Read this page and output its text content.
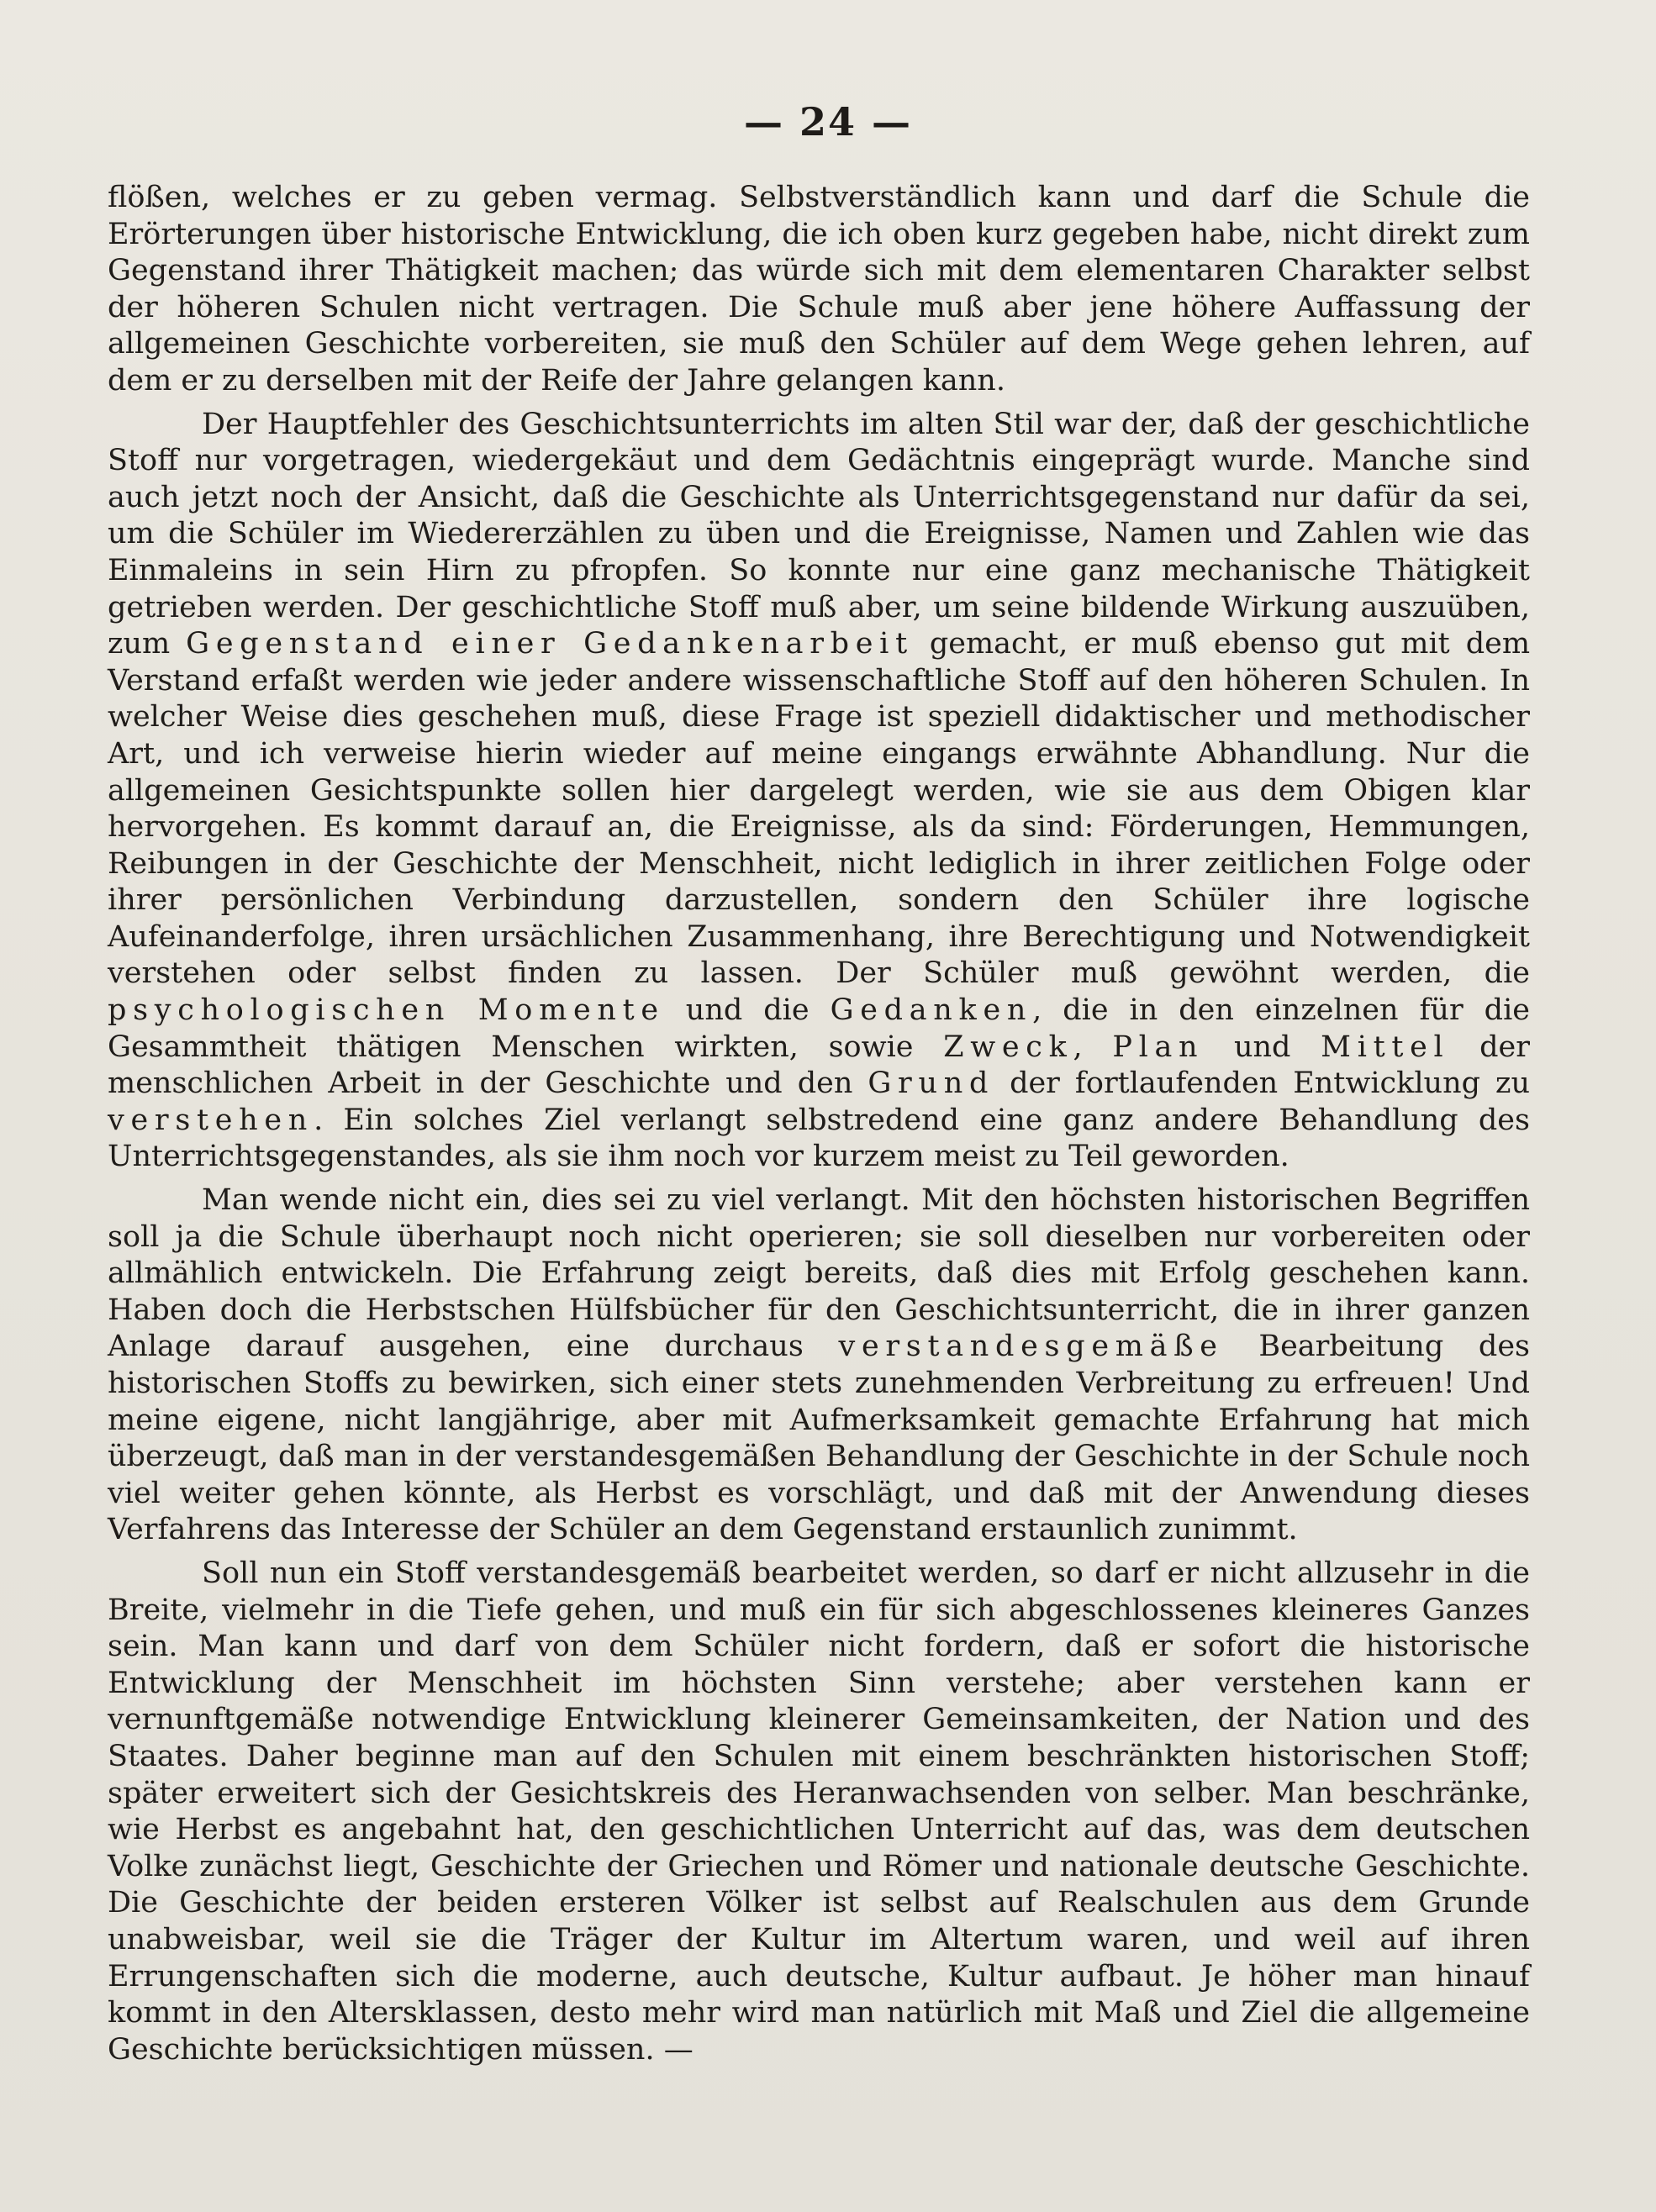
— 24 —

flößen, welches er zu geben vermag. Selbstverständlich kann und darf die Schule die Erörterungen über historische Entwicklung, die ich oben kurz gegeben habe, nicht direkt zum Gegenstand ihrer Thätigkeit machen; das würde sich mit dem elementaren Charakter selbst der höheren Schulen nicht vertragen. Die Schule muß aber jene höhere Auffassung der allgemeinen Geschichte vorbereiten, sie muß den Schüler auf dem Wege gehen lehren, auf dem er zu derselben mit der Reife der Jahre gelangen kann.

Der Hauptfehler des Geschichtsunterrichts im alten Stil war der, daß der geschichtliche Stoff nur vorgetragen, wiedergekäut und dem Gedächtnis eingeprägt wurde. Manche sind auch jetzt noch der Ansicht, daß die Geschichte als Unterrichtsgegenstand nur dafür da sei, um die Schüler im Wiedererzählen zu üben und die Ereignisse, Namen und Zahlen wie das Einmaleins in sein Hirn zu pfropfen. So konnte nur eine ganz mechanische Thätigkeit getrieben werden. Der geschichtliche Stoff muß aber, um seine bildende Wirkung auszuüben, zum Gegenstand einer Gedankenarbeit gemacht, er muß ebenso gut mit dem Verstand erfaßt werden wie jeder andere wissenschaftliche Stoff auf den höheren Schulen. In welcher Weise dies geschehen muß, diese Frage ist speziell didaktischer und methodischer Art, und ich verweise hierin wieder auf meine eingangs erwähnte Abhandlung. Nur die allgemeinen Gesichtspunkte sollen hier dargelegt werden, wie sie aus dem Obigen klar hervorgehen. Es kommt darauf an, die Ereignisse, als da sind: Förderungen, Hemmungen, Reibungen in der Geschichte der Menschheit, nicht lediglich in ihrer zeitlichen Folge oder ihrer persönlichen Verbindung darzustellen, sondern den Schüler ihre logische Aufeinanderfolge, ihren ursächlichen Zusammenhang, ihre Berechtigung und Notwendigkeit verstehen oder selbst finden zu lassen. Der Schüler muß gewöhnt werden, die psychologischen Momente und die Gedanken, die in den einzelnen für die Gesammtheit thätigen Menschen wirkten, sowie Zweck, Plan und Mittel der menschlichen Arbeit in der Geschichte und den Grund der fortlaufenden Entwicklung zu verstehen. Ein solches Ziel verlangt selbstredend eine ganz andere Behandlung des Unterrichtsgegenstandes, als sie ihm noch vor kurzem meist zu Teil geworden.

Man wende nicht ein, dies sei zu viel verlangt. Mit den höchsten historischen Begriffen soll ja die Schule überhaupt noch nicht operieren; sie soll dieselben nur vorbereiten oder allmählich entwickeln. Die Erfahrung zeigt bereits, daß dies mit Erfolg geschehen kann. Haben doch die Herbstschen Hülfsbücher für den Geschichtsunterricht, die in ihrer ganzen Anlage darauf ausgehen, eine durchaus verstandesgemäße Bearbeitung des historischen Stoffs zu bewirken, sich einer stets zunehmenden Verbreitung zu erfreuen! Und meine eigene, nicht langjährige, aber mit Aufmerksamkeit gemachte Erfahrung hat mich überzeugt, daß man in der verstandesgemäßen Behandlung der Geschichte in der Schule noch viel weiter gehen könnte, als Herbst es vorschlägt, und daß mit der Anwendung dieses Verfahrens das Interesse der Schüler an dem Gegenstand erstaunlich zunimmt.

Soll nun ein Stoff verstandesgemäß bearbeitet werden, so darf er nicht allzusehr in die Breite, vielmehr in die Tiefe gehen, und muß ein für sich abgeschlossenes kleineres Ganzes sein. Man kann und darf von dem Schüler nicht fordern, daß er sofort die historische Entwicklung der Menschheit im höchsten Sinn verstehe; aber verstehen kann er vernunftgemäße notwendige Entwicklung kleinerer Gemeinsamkeiten, der Nation und des Staates. Daher beginne man auf den Schulen mit einem beschränkten historischen Stoff; später erweitert sich der Gesichtskreis des Heranwachsenden von selber. Man beschränke, wie Herbst es angebahnt hat, den geschichtlichen Unterricht auf das, was dem deutschen Volke zunächst liegt, Geschichte der Griechen und Römer und nationale deutsche Geschichte. Die Geschichte der beiden ersteren Völker ist selbst auf Realschulen aus dem Grunde unabweisbar, weil sie die Träger der Kultur im Altertum waren, und weil auf ihren Errungenschaften sich die moderne, auch deutsche, Kultur aufbaut. Je höher man hinauf kommt in den Altersklassen, desto mehr wird man natürlich mit Maß und Ziel die allgemeine Geschichte berücksichtigen müssen. —
